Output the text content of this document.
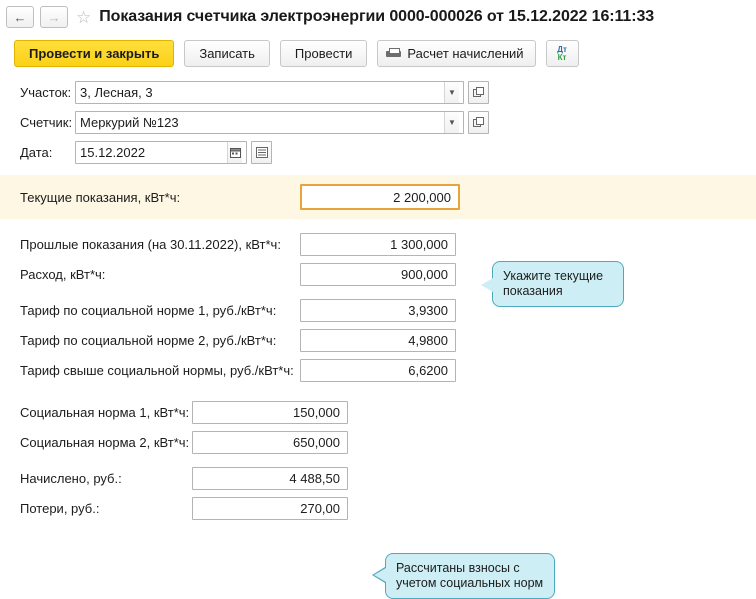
← → ☆ Показания счетчика электроэнергии 0000-000026 от 15.12.2022 16:11:33
Провести и закрыть	Записать	Провести	Расчет начислений	Дт
Кт
Участок: 3, Лесная, 3	▼
Счетчик: Меркурий №123	▼
Дата:	15.12.2022
Текущие показания, кВт*ч:	2 200,000
Прошлые показания (на 30.11.2022), кВт*ч:	1 300,000
Расход, кВт*ч:	900,000
Тариф по социальной норме 1, руб./кВт*ч:	3,9300
Тариф по социальной норме 2, руб./кВт*ч:	4,9800
Тариф свыше социальной нормы, руб./кВт*ч:	6,6200
Социальная норма 1, кВт*ч:	150,000
Социальная норма 2, кВт*ч:	650,000
Начислено, руб.:	4 488,50
Потери, руб.:	270,00
Укажите текущие показания
Рассчитаны взносы с учетом социальных норм
